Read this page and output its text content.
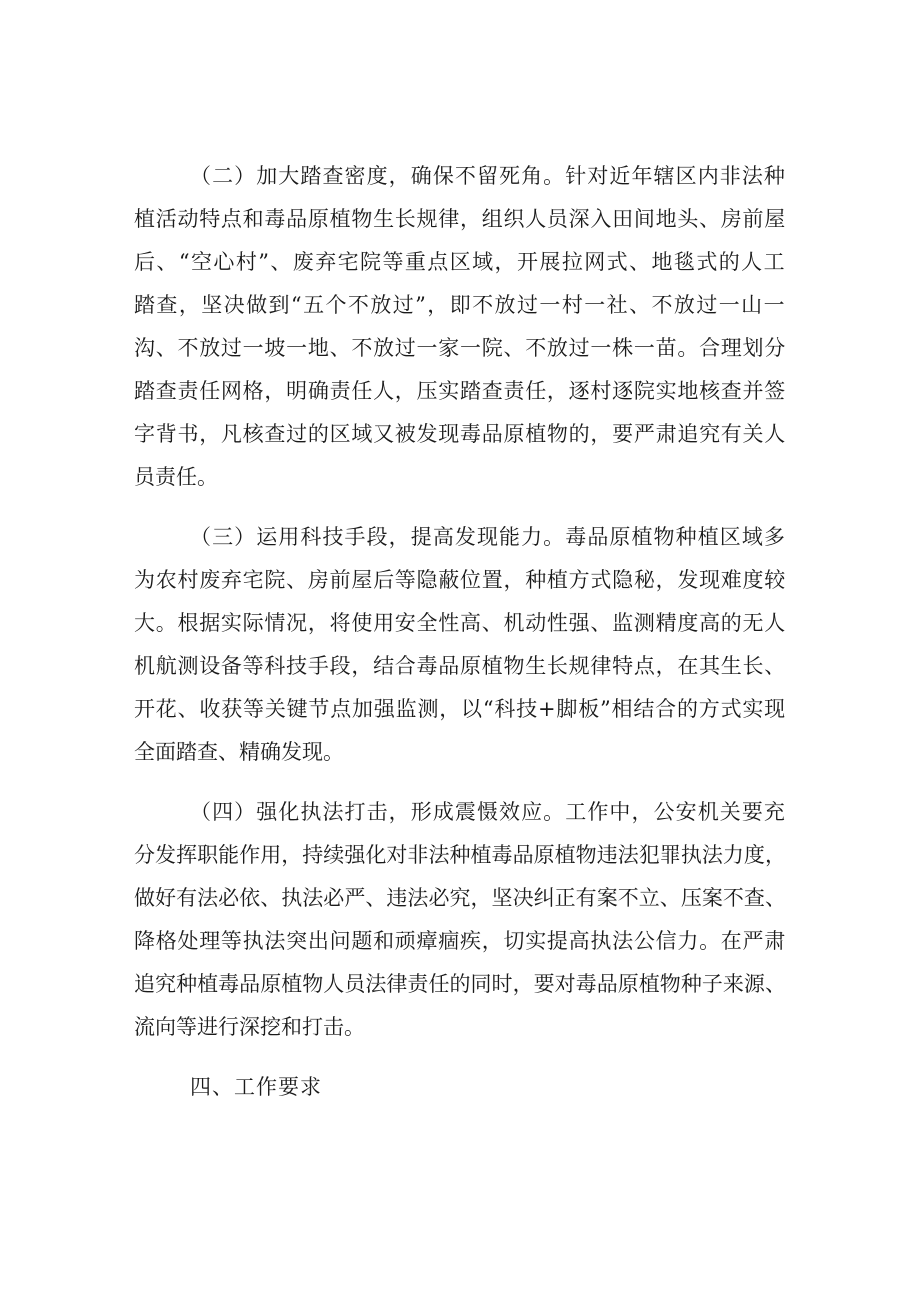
（二）加大踏查密度，确保不留死角。针对近年辖区内非法种
植活动特点和毒品原植物生长规律，组织人员深入田间地头、房前屋
后、“空心村”、废弃宅院等重点区域，开展拉网式、地毯式的人工
踏查，坚决做到“五个不放过”，即不放过一村一社、不放过一山一
沟、不放过一坡一地、不放过一家一院、不放过一株一苗。合理划分
踏查责任网格，明确责任人，压实踏查责任，逐村逐院实地核查并签
字背书，凡核查过的区域又被发现毒品原植物的，要严肃追究有关人
员责任。
（三）运用科技手段，提高发现能力。毒品原植物种植区域多
为农村废弃宅院、房前屋后等隐蔽位置，种植方式隐秘，发现难度较
大。根据实际情况，将使用安全性高、机动性强、监测精度高的无人
机航测设备等科技手段，结合毒品原植物生长规律特点，在其生长、
开花、收获等关键节点加强监测，以“科技+脚板”相结合的方式实现
全面踏查、精确发现。
（四）强化执法打击，形成震慑效应。工作中，公安机关要充
分发挥职能作用，持续强化对非法种植毒品原植物违法犯罪执法力度，
做好有法必依、执法必严、违法必究，坚决纠正有案不立、压案不查、
降格处理等执法突出问题和顽瘴痼疾，切实提高执法公信力。在严肃
追究种植毒品原植物人员法律责任的同时，要对毒品原植物种子来源、
流向等进行深挖和打击。
四、工作要求
